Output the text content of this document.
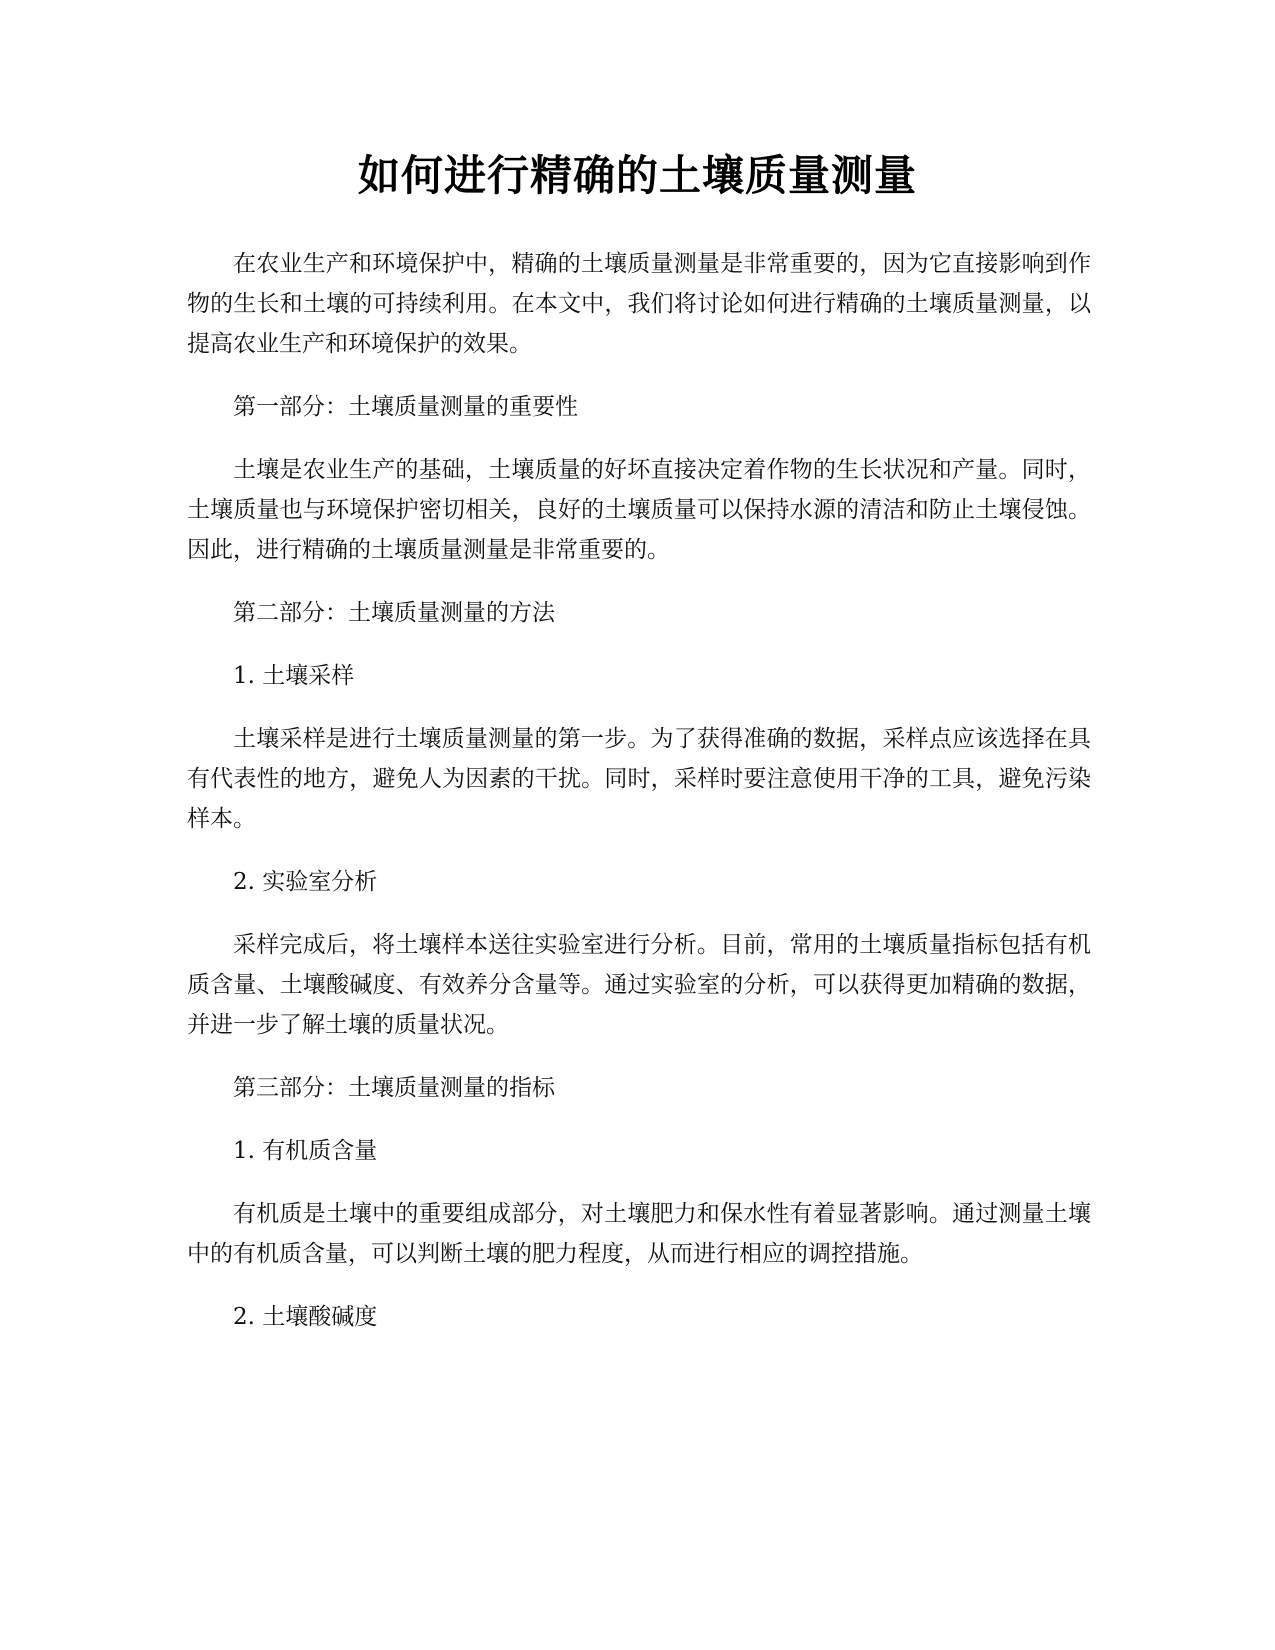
如何进行精确的土壤质量测量

在农业生产和环境保护中，精确的土壤质量测量是非常重要的，因为它直接影响到作物的生长和土壤的可持续利用。在本文中，我们将讨论如何进行精确的土壤质量测量，以提高农业生产和环境保护的效果。

第一部分：土壤质量测量的重要性

土壤是农业生产的基础，土壤质量的好坏直接决定着作物的生长状况和产量。同时，土壤质量也与环境保护密切相关，良好的土壤质量可以保持水源的清洁和防止土壤侵蚀。因此，进行精确的土壤质量测量是非常重要的。

第二部分：土壤质量测量的方法

1. 土壤采样

土壤采样是进行土壤质量测量的第一步。为了获得准确的数据，采样点应该选择在具有代表性的地方，避免人为因素的干扰。同时，采样时要注意使用干净的工具，避免污染样本。

2. 实验室分析

采样完成后，将土壤样本送往实验室进行分析。目前，常用的土壤质量指标包括有机质含量、土壤酸碱度、有效养分含量等。通过实验室的分析，可以获得更加精确的数据，并进一步了解土壤的质量状况。

第三部分：土壤质量测量的指标

1. 有机质含量

有机质是土壤中的重要组成部分，对土壤肥力和保水性有着显著影响。通过测量土壤中的有机质含量，可以判断土壤的肥力程度，从而进行相应的调控措施。

2. 土壤酸碱度
